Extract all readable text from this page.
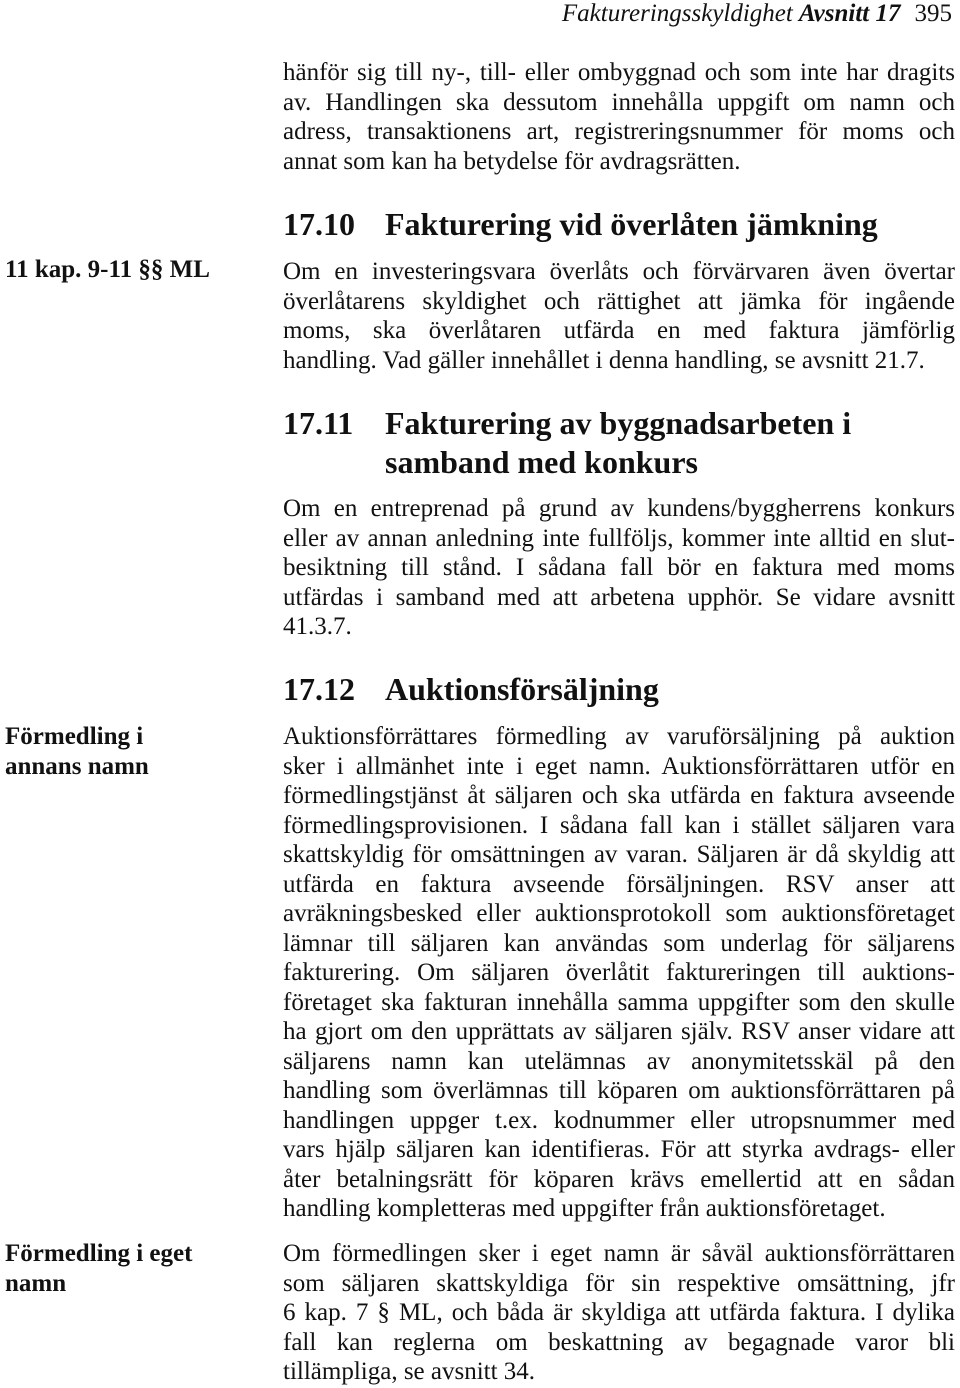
Faktureringsskyldighet Avsnitt 17 395
hänför sig till ny-, till- eller ombyggnad och som inte har dragits
av. Handlingen ska dessutom innehålla uppgift om namn och
adress, transaktionens art, registreringsnummer för moms och
annat som kan ha betydelse för avdragsrätten.
17.10 Fakturering vid överlåten jämkning
11 kap. 9-11 §§ ML	Om en investeringsvara överlåts och förvärvaren även övertar
överlåtarens skyldighet och rättighet att jämka för ingående
moms, ska överlåtaren utfärda en med faktura jämförlig
handling. Vad gäller innehållet i denna handling, se avsnitt 21.7.
17.11 Fakturering av byggnadsarbeten i
samband med konkurs
Om en entreprenad på grund av kundens/byggherrens konkurs
eller av annan anledning inte fullföljs, kommer inte alltid en slut-
besiktning till stånd. I sådana fall bör en faktura med moms
utfärdas i samband med att arbetena upphör. Se vidare avsnitt
41.3.7.
17.12 Auktionsförsäljning
Förmedling i
annans namn
Auktionsförrättares förmedling av varuförsäljning på auktion
sker i allmänhet inte i eget namn. Auktionsförrättaren utför en
förmedlingstjänst åt säljaren och ska utfärda en faktura avseende
förmedlingsprovisionen. I sådana fall kan i stället säljaren vara
skattskyldig för omsättningen av varan. Säljaren är då skyldig att
utfärda en faktura avseende försäljningen. RSV anser att
avräkningsbesked eller auktionsprotokoll som auktionsföretaget
lämnar till säljaren kan användas som underlag för säljarens
fakturering. Om säljaren överlåtit faktureringen till auktions-
företaget ska fakturan innehålla samma uppgifter som den skulle
ha gjort om den upprättats av säljaren själv. RSV anser vidare att
säljarens namn kan utelämnas av anonymitetsskäl på den
handling som överlämnas till köparen om auktionsförrättaren på
handlingen uppger t.ex. kodnummer eller utropsnummer med
vars hjälp säljaren kan identifieras. För att styrka avdrags- eller
åter betalningsrätt för köparen krävs emellertid att en sådan
handling kompletteras med uppgifter från auktionsföretaget.
Förmedling i eget
namn
Om förmedlingen sker i eget namn är såväl auktionsförrättaren
som säljaren skattskyldiga för sin respektive omsättning, jfr
6 kap. 7 § ML, och båda är skyldiga att utfärda faktura. I dylika
fall kan reglerna om beskattning av begagnade varor bli
tillämpliga, se avsnitt 34.
